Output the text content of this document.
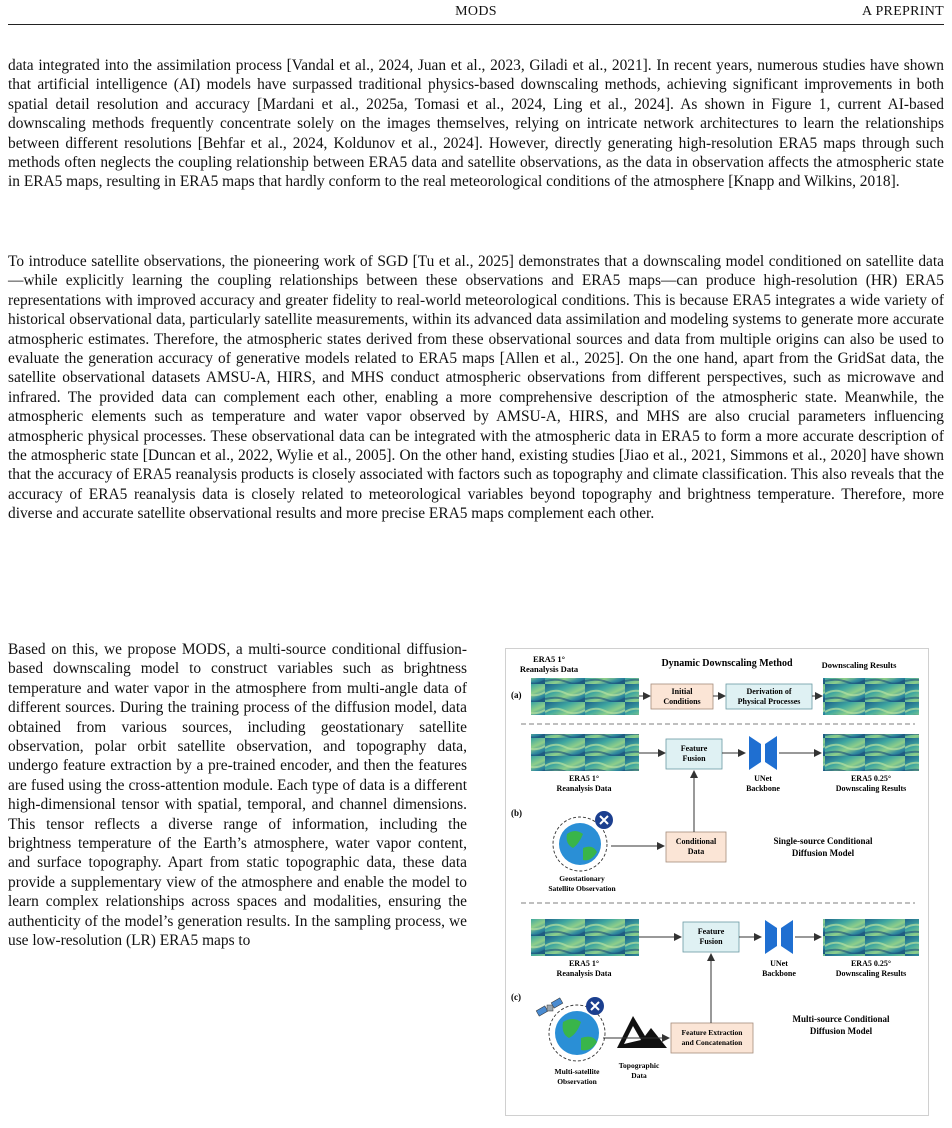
MODS	A PREPRINT

data integrated into the assimilation process [Vandal et al., 2024, Juan et al., 2023, Giladi et al., 2021]. In recent years, numerous studies have shown that artificial intelligence (AI) models have surpassed traditional physics-based downscaling methods, achieving significant improvements in both spatial detail resolution and accuracy [Mardani et al., 2025a, Tomasi et al., 2024, Ling et al., 2024]. As shown in Figure 1, current AI-based downscaling methods frequently concentrate solely on the images themselves, relying on intricate network architectures to learn the relationships between different resolutions [Behfar et al., 2024, Koldunov et al., 2024]. However, directly generating high-resolution ERA5 maps through such methods often neglects the coupling relationship between ERA5 data and satellite observations, as the data in observation affects the atmospheric state in ERA5 maps, resulting in ERA5 maps that hardly conform to the real meteorological conditions of the atmosphere [Knapp and Wilkins, 2018].

To introduce satellite observations, the pioneering work of SGD [Tu et al., 2025] demonstrates that a downscaling model conditioned on satellite data—while explicitly learning the coupling relationships between these observations and ERA5 maps—can produce high-resolution (HR) ERA5 representations with improved accuracy and greater fidelity to real-world meteorological conditions. This is because ERA5 integrates a wide variety of historical observational data, particularly satellite measurements, within its advanced data assimilation and modeling systems to generate more accurate atmospheric estimates. Therefore, the atmospheric states derived from these observational sources and data from multiple origins can also be used to evaluate the generation accuracy of generative models related to ERA5 maps [Allen et al., 2025]. On the one hand, apart from the GridSat data, the satellite observational datasets AMSU-A, HIRS, and MHS conduct atmospheric observations from different perspectives, such as microwave and infrared. The provided data can complement each other, enabling a more comprehensive description of the atmospheric state. Meanwhile, the atmospheric elements such as temperature and water vapor observed by AMSU-A, HIRS, and MHS are also crucial parameters influencing atmospheric physical processes. These observational data can be integrated with the atmospheric data in ERA5 to form a more accurate description of the atmospheric state [Duncan et al., 2022, Wylie et al., 2005]. On the other hand, existing studies [Jiao et al., 2021, Simmons et al., 2020] have shown that the accuracy of ERA5 reanalysis products is closely associated with factors such as topography and climate classification. This also reveals that the accuracy of ERA5 reanalysis data is closely related to meteorological variables beyond topography and brightness temperature. Therefore, more diverse and accurate satellite observational results and more precise ERA5 maps complement each other.

Based on this, we propose MODS, a multi-source conditional diffusion-based downscaling model to construct variables such as brightness temperature and water vapor in the atmosphere from multi-angle data of different sources. During the training process of the diffusion model, data obtained from various sources, including geostationary satellite observation, polar orbit satellite observation, and topography data, undergo feature extraction by a pre-trained encoder, and then the features are fused using the cross-attention module. Each type of data is a different high-dimensional tensor with spatial, temporal, and channel dimensions. This tensor reflects a diverse range of information, including the brightness temperature of the Earth’s atmosphere, water vapor content, and surface topography. Apart from static topographic data, these data provide a supplementary view of the atmosphere and enable the model to learn complex relationships across spaces and modalities, ensuring the authenticity of the model’s generation results. In the sampling process, we use low-resolution (LR) ERA5 maps to

ERA5 1°
Reanalysis Data	Dynamic Downscaling Method	Downscaling Results
(a)	Initial
Conditions
Derivation of
Physical Processes
ERA5 1°
Reanalysis Data
Feature
Fusion
UNet
Backbone
ERA5 0.25°
Downscaling Results
(b)
Geostationary
Satellite Observation
Conditional
Data
Single-source Conditional
Diffusion Model
ERA5 1°
Reanalysis Data
Feature
Fusion
UNet
Backbone
ERA5 0.25°
Downscaling Results
(c)
Multi-satellite
Observation
Topographic
Data
Feature Extraction
and Concatenation
Multi-source Conditional
Diffusion Model
